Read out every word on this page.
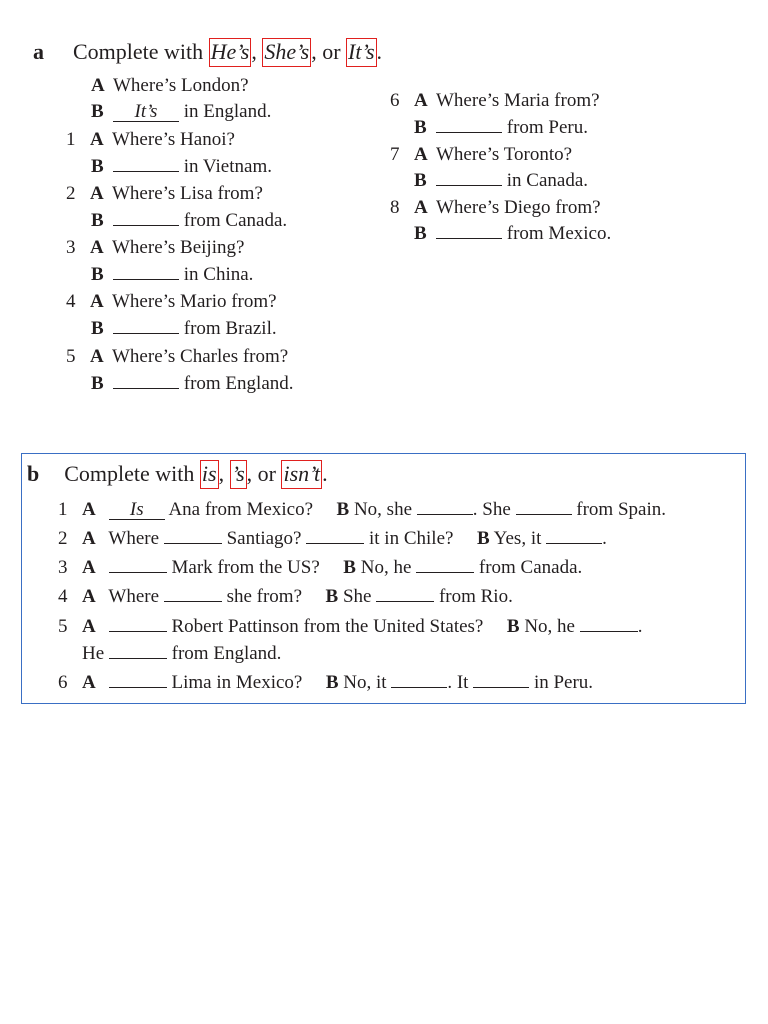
a Complete with He’s, She’s, or It’s.
A Where’s London?
B It’s in England.
1 A Where’s Hanoi?
B	in Vietnam.
2 A Where’s Lisa from?
B	from Canada.
3 A Where’s Beijing?
B	in China.
4 A Where’s Mario from?
B	from Brazil.
5 A Where’s Charles from?
B	from England.
6 A Where’s Maria from?
B	from Peru.
7 A Where’s Toronto?
B	in Canada.
8 A Where’s Diego from?
B	from Mexico.
b Complete with is, ’s, or isn’t.
1 A Is Ana from Mexico? B No, she	. She	from Spain.
2 A Where	Santiago?	it in Chile? B Yes, it	.
3 A	Mark from the US? B No, he	from Canada.
4 A Where	she from? B She	from Rio.
5 A	Robert Pattinson from the United States? B No, he	.
He	from England.
6 A	Lima in Mexico? B No, it	. It	in Peru.
